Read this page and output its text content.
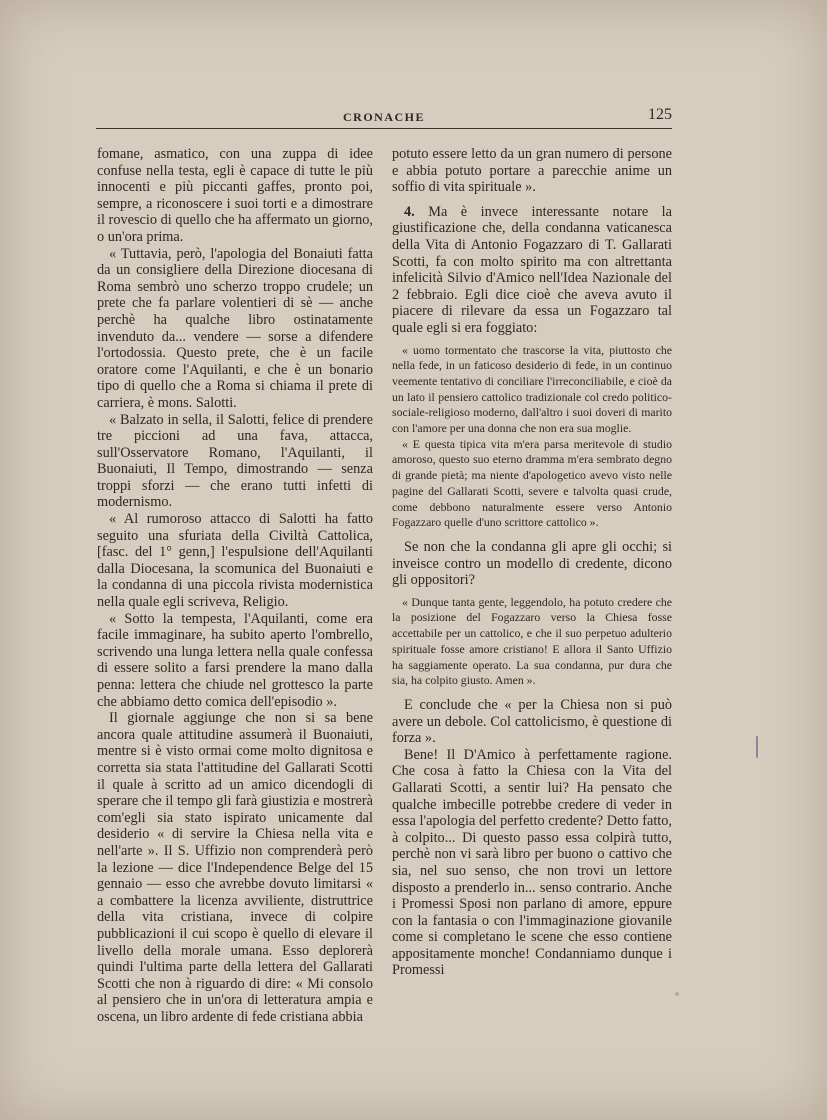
CRONACHE	125

fomane, asmatico, con una zuppa di idee confuse nella testa, egli è capace di tutte le più innocenti e più piccanti gaffes, pronto poi, sempre, a riconoscere i suoi torti e a dimostrare il rovescio di quello che ha affermato un giorno, o un'ora prima.

« Tuttavia, però, l'apologia del Bonaiuti fatta da un consigliere della Direzione diocesana di Roma sembrò uno scherzo troppo crudele; un prete che fa parlare volentieri di sè — anche perchè ha qualche libro ostinatamente invenduto da... vendere — sorse a difendere l'ortodossia. Questo prete, che è un facile oratore come l'Aquilanti, e che è un bonario tipo di quello che a Roma si chiama il prete di carriera, è mons. Salotti.

« Balzato in sella, il Salotti, felice di prendere tre piccioni ad una fava, attacca, sull'Osservatore Romano, l'Aquilanti, il Buonaiuti, Il Tempo, dimostrando — senza troppi sforzi — che erano tutti infetti di modernismo.

« Al rumoroso attacco di Salotti ha fatto seguito una sfuriata della Civiltà Cattolica, [fasc. del 1° genn,] l'espulsione dell'Aquilanti dalla Diocesana, la scomunica del Buonaiuti e la condanna di una piccola rivista modernistica nella quale egli scriveva, Religio.

« Sotto la tempesta, l'Aquilanti, come era facile immaginare, ha subito aperto l'ombrello, scrivendo una lunga lettera nella quale confessa di essere solito a farsi prendere la mano dalla penna: lettera che chiude nel grottesco la parte che abbiamo detto comica dell'episodio ».

Il giornale aggiunge che non si sa bene ancora quale attitudine assumerà il Buonaiuti, mentre si è visto ormai come molto dignitosa e corretta sia stata l'attitudine del Gallarati Scotti il quale à scritto ad un amico dicendogli di sperare che il tempo gli farà giustizia e mostrerà com'egli sia stato ispirato unicamente dal desiderio « di servire la Chiesa nella vita e nell'arte ». Il S. Uffizio non comprenderà però la lezione — dice l'Independence Belge del 15 gennaio — esso che avrebbe dovuto limitarsi « a combattere la licenza avviliente, distruttrice della vita cristiana, invece di colpire pubblicazioni il cui scopo è quello di elevare il livello della morale umana. Esso deplorerà quindi l'ultima parte della lettera del Gallarati Scotti che non à riguardo di dire: « Mi consolo al pensiero che in un'ora di letteratura ampia e oscena, un libro ardente di fede cristiana abbia

potuto essere letto da un gran numero di persone e abbia potuto portare a parecchie anime un soffio di vita spirituale ».

4. Ma è invece interessante notare la giustificazione che, della condanna vaticanesca della Vita di Antonio Fogazzaro di T. Gallarati Scotti, fa con molto spirito ma con altrettanta infelicità Silvio d'Amico nell'Idea Nazionale del 2 febbraio. Egli dice cioè che aveva avuto il piacere di rilevare da essa un Fogazzaro tal quale egli si era foggiato:

« uomo tormentato che trascorse la vita, piuttosto che nella fede, in un faticoso desiderio di fede, in un continuo veemente tentativo di conciliare l'irreconciliabile, e cioè da un lato il pensiero cattolico tradizionale col credo politico-sociale-religioso moderno, dall'altro i suoi doveri di marito con l'amore per una donna che non era sua moglie.

« E questa tipica vita m'era parsa meritevole di studio amoroso, questo suo eterno dramma m'era sembrato degno di grande pietà; ma niente d'apologetico avevo visto nelle pagine del Gallarati Scotti, severe e talvolta quasi crude, come debbono naturalmente essere verso Antonio Fogazzaro quelle d'uno scrittore cattolico ».

Se non che la condanna gli apre gli occhi; si inveisce contro un modello di credente, dicono gli oppositori?

« Dunque tanta gente, leggendolo, ha potuto credere che la posizione del Fogazzaro verso la Chiesa fosse accettabile per un cattolico, e che il suo perpetuo adulterio spirituale fosse amore cristiano! E allora il Santo Uffizio ha saggiamente operato. La sua condanna, pur dura che sia, ha colpito giusto. Amen ».

E conclude che « per la Chiesa non si può avere un debole. Col cattolicismo, è questione di forza ».

Bene! Il D'Amico à perfettamente ragione. Che cosa à fatto la Chiesa con la Vita del Gallarati Scotti, a sentir lui? Ha pensato che qualche imbecille potrebbe credere di veder in essa l'apologia del perfetto credente? Detto fatto, à colpito... Di questo passo essa colpirà tutto, perchè non vi sarà libro per buono o cattivo che sia, nel suo senso, che non trovi un lettore disposto a prenderlo in... senso contrario. Anche i Promessi Sposi non parlano di amore, eppure con la fantasia o con l'immaginazione giovanile come si completano le scene che esso contiene appositamente monche! Condanniamo dunque i Promessi
